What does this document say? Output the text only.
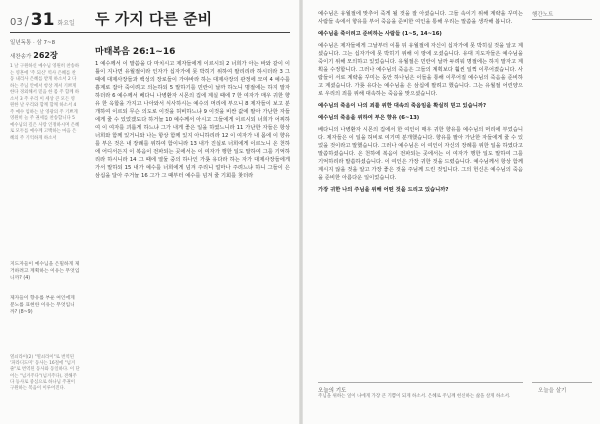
03 / 31 화요일 두 가지 다른 준비
일년독통 · 삼 7~8
새찬송가 262장
1 날 구원하신 예수님 영원히 찬송하는 영혼에 '주 되신' 역사 은혜를 찬 동 내리사 은혜를 받게 하소서 2 다하는 주님 안에서 항상 계셔 기쁘게 한다 경외해서 믿음 한 몸 주 함께 하소서 3 주 우리 이 세상 큰 모든 영 원한 날 우리와 함께 함께 하소서 4 주 예수 임하는 날 영광의 주 기쁘게 영원히 늘 주 권세를 찬송합니다 5 예수님의 깊은 사랑 인정하시며 은혜로 모두를 예수께 고백하는 마음 은혜의 주 기억하게 하소서
지도자들이 예수님을 은밀하게 제거하려고 계획하는 이유는 무엇입니까? (4)
제자들이 향유를 부운 여인에게 분노를 표현한 이유는 무엇입니까? (8~9)
열쇠라이(2) "열쇠라이"로 번역된 '파라디도미' 동사는 16절에 "넘겨 줄"로 번역된 동사와 동일하다. 이 단어는 "넘겨주다"(넘겨주다), 전해주다 등사로 중심으로 하나님 주권이 구원하는 복음이 이루어진다.
마태복음 26:1~16
1 예수께서 이 말씀을 다 마치시고 제자들에게 이르시되 2 너희가 아는 바와 같이 이틀이 지나면 유월절이라 인자가 십자가에 못 박히기 위하여 팔리리라 하시더라 3 그 때에 대제사장들과 백성의 장로들이 가야바라 하는 대제사장의 관정에 모여 4 예수를 흉계로 잡아 죽이려고 의논하되 5 말하기를 민란이 날까 하노니 명절에는 하지 말자 하더라 6 예수께서 베다니 나병환자 시몬의 집에 계실 때에 7 한 여자가 매우 귀한 향유 한 옥합을 가지고 나아와서 식사하시는 예수의 머리에 부으니 8 제자들이 보고 분개하여 이르되 무슨 의도로 이것을 허비하느냐 9 이것을 비싼 값에 팔아 가난한 자들에게 줄 수 있었겠도다 하거늘 10 예수께서 아시고 그들에게 이르시되 너희가 어찌하여 이 여자를 괴롭게 하느냐 그가 내게 좋은 일을 하였느니라 11 가난한 자들은 항상 너희와 함께 있거니와 나는 항상 함께 있지 아니하리라 12 이 여자가 내 몸에 이 향유를 부은 것은 내 장례를 위하여 함이니라 13 내가 진실로 너희에게 이르노니 온 천하에 어디서든지 이 복음이 전파되는 곳에서는 이 여자가 행한 일도 말하여 그를 기억하리라 하시니라 14 그 때에 열둘 중의 하나인 가룟 유다라 하는 자가 대제사장들에게 가서 말하되 15 내가 예수를 너희에게 넘겨 주리니 얼마나 주려느냐 하니 그들이 은 삼십을 달아 주거늘 16 그가 그 때부터 예수를 넘겨 줄 기회를 찾더라

예수님은 유월절에 맞추어 죽게 될 것을 잘 아셨습니다. 그들 속이기 위해 계략을 꾸미는 사람들 속에서 향유를 부어 죽음을 준비한 여인을 통해 우리는 말씀을 생각해 봅니다.

예수님을 죽이려고 준비하는 사람들 (1~5, 14~16)

예수님은 제자들에게 그날부터 이틀 뒤 유월절에 자신이 십자가에 못 박히실 것을 알고 계셨습니다. 그는 십자가에 못 박히기 위해 이 땅에 오셨습니다. 유대 지도자들은 예수님을 죽이기 위해 모의하고 있었습니다. 유월절은 민란이 날까 두려워 명절에는 하지 말자고 계획을 수정합니다. 그러나 예수님의 죽음은 그들의 계획보다 훨씬 일찍 이루어졌습니다. 사람들이 서로 계략을 꾸미는 동안 하나님은 이들을 통해 이루어질 예수님의 죽음을 준비하고 계셨습니다. 가룟 유다는 예수님을 은 삼십에 팔려고 했습니다. 그는 유월절 어린양으로 우리의 죄를 위해 대속하는 죽음을 맞으셨습니다.

예수님의 죽음이 나의 죄를 위한 대속의 죽음임을 확실히 믿고 있습니까?

예수님의 죽음을 위하여 부은 향유 (6~13)

베다니의 나병환자 시몬의 집에서 한 여인이 매우 귀한 향유를 예수님의 머리에 부었습니다. 제자들은 이 일을 허비로 여기며 분개했습니다. 향유를 팔아 가난한 자들에게 줄 수 있었을 것이라고 말했습니다. 그러나 예수님은 이 여인이 자신의 장례를 위한 일을 하였다고 말씀하셨습니다. 온 천하에 복음이 전파되는 곳에서는 이 여자가 행한 일도 말하여 그를 기억하리라 말씀하셨습니다. 이 여인은 가장 귀한 것을 드렸습니다. 예수님께서 항상 함께 계시지 않을 것을 알고 가장 좋은 것을 주님께 드린 것입니다. 그의 헌신은 예수님의 죽음을 준비한 아름다운 일이었습니다.

가장 귀한 나의 주님을 위해 어떤 것을 드리고 있습니까?

행간노트
오늘의 기도
주님을 위하는 일이 나에게 가장 큰 기쁨이 되게 하소서. 은혜로 주님께 헌신하는 삶을 살게 하소서.
오늘을 살기
